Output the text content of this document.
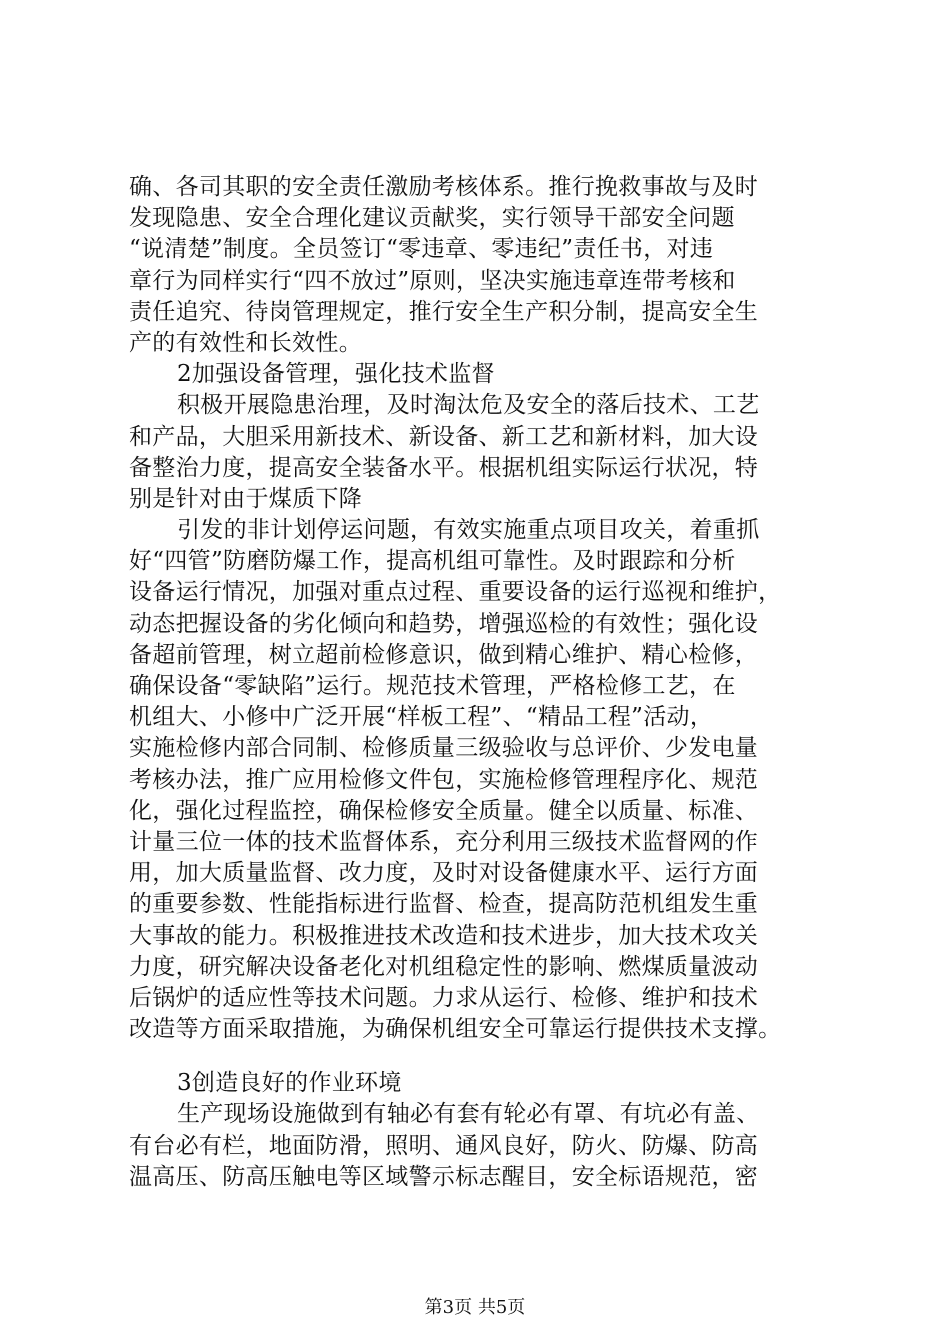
确、各司其职的安全责任激励考核体系。推行挽救事故与及时
发现隐患、安全合理化建议贡献奖，实行领导干部安全问题
“说清楚”制度。全员签订“零违章、零违纪”责任书，对违
章行为同样实行“四不放过”原则，坚决实施违章连带考核和
责任追究、待岗管理规定，推行安全生产积分制，提高安全生
产的有效性和长效性。
2加强设备管理，强化技术监督
积极开展隐患治理，及时淘汰危及安全的落后技术、工艺
和产品，大胆采用新技术、新设备、新工艺和新材料，加大设
备整治力度，提高安全装备水平。根据机组实际运行状况，特
别是针对由于煤质下降
引发的非计划停运问题，有效实施重点项目攻关，着重抓
好“四管”防磨防爆工作，提高机组可靠性。及时跟踪和分析
设备运行情况，加强对重点过程、重要设备的运行巡视和维护，
动态把握设备的劣化倾向和趋势，增强巡检的有效性；强化设
备超前管理，树立超前检修意识，做到精心维护、精心检修，
确保设备“零缺陷”运行。规范技术管理，严格检修工艺，在
机组大、小修中广泛开展“样板工程”、“精品工程”活动，
实施检修内部合同制、检修质量三级验收与总评价、少发电量
考核办法，推广应用检修文件包，实施检修管理程序化、规范
化，强化过程监控，确保检修安全质量。健全以质量、标准、
计量三位一体的技术监督体系，充分利用三级技术监督网的作
用，加大质量监督、改力度，及时对设备健康水平、运行方面
的重要参数、性能指标进行监督、检查，提高防范机组发生重
大事故的能力。积极推进技术改造和技术进步，加大技术攻关
力度，研究解决设备老化对机组稳定性的影响、燃煤质量波动
后锅炉的适应性等技术问题。力求从运行、检修、维护和技术
改造等方面采取措施，为确保机组安全可靠运行提供技术支撑。
3创造良好的作业环境
生产现场设施做到有轴必有套有轮必有罩、有坑必有盖、
有台必有栏，地面防滑，照明、通风良好，防火、防爆、防高
温高压、防高压触电等区域警示标志醒目，安全标语规范，密
第3页 共5页
